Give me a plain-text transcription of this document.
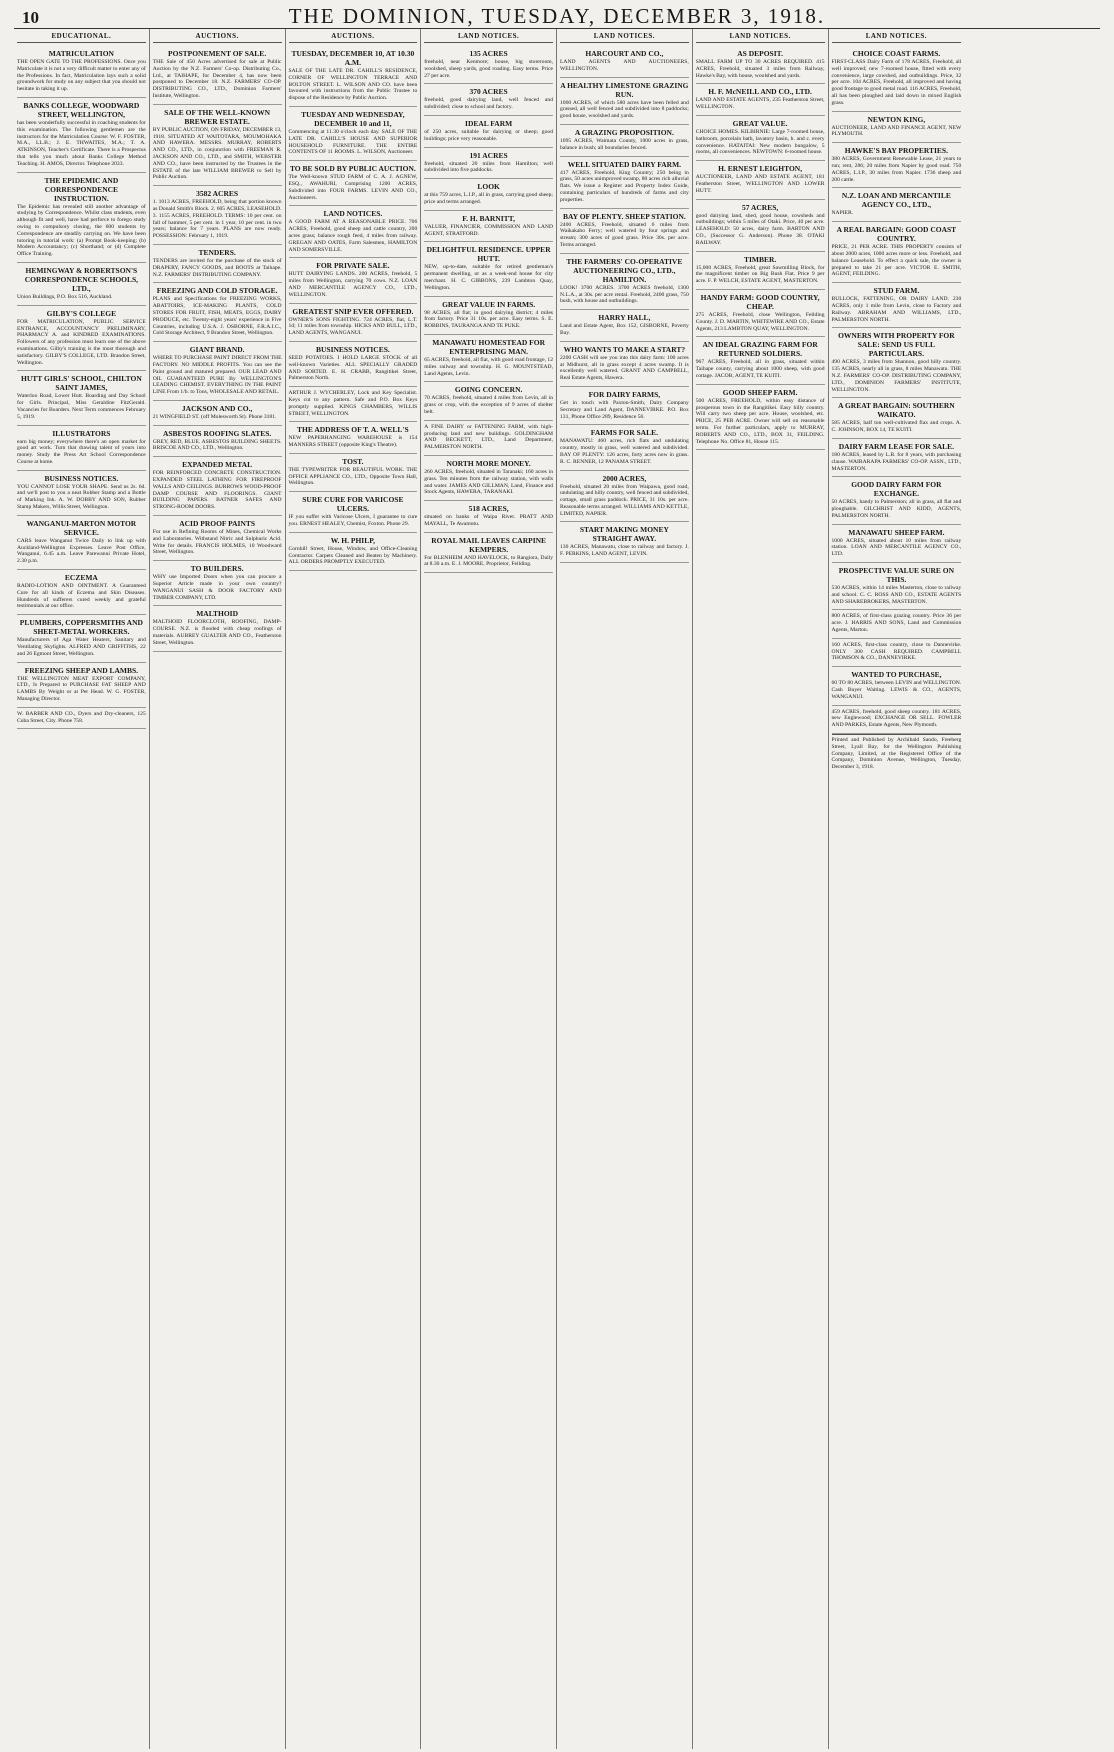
10	THE DOMINION, TUESDAY, DECEMBER 3, 1918.
EDUCATIONAL.
MATRICULATION
THE OPEN GATE TO THE PROFESSIONS. Once you Matriculate it is not a very difficult matter to enter any of the Professions. In fact, Matriculation lays such a solid groundwork for study on any subject that you should not hesitate in taking it up.
BANKS COLLEGE, WOODWARD STREET, WELLINGTON,
has been wonderfully successful in coaching students for this examination. The following gentlemen are the instructors for the Matriculation Course: W. F. FOSTER, M.A., LL.B.; J. E. THWAITES, M.A.; T. A. ATKINSON, Teacher's Certificate. There is a Prospectus that tells you much about Banks College Method Teaching. H. AMOS, Director. Telephone 2033.
THE EPIDEMIC AND CORRESPONDENCE INSTRUCTION.
The Epidemic has revealed still another advantage of studying by Correspondence. Whilst class students, even although fit and well, have had perforce to forego study owing to compulsory closing, the 600 students by Correspondence are steadily carrying on. We have been tutoring in tutorial work: (a) Prompt Book-keeping; (b) Modern Accountancy; (c) Shorthand; or (d) Complete Office Training.
HEMINGWAY & ROBERTSON'S CORRESPONDENCE SCHOOLS, LTD.,
Union Buildings, P.O. Box 516, Auckland.
GILBY'S COLLEGE
FOR MATRICULATION, PUBLIC SERVICE ENTRANCE, ACCOUNTANCY PRELIMINARY, PHARMACY A. and KINDRED EXAMINATIONS. Followers of any profession must learn one of the above examinations. Gilby's training is the most thorough and satisfactory. GILBY'S COLLEGE, LTD. Brandon Street, Wellington.
HUTT GIRLS' SCHOOL, CHILTON SAINT JAMES,
Waterloo Road, Lower Hutt. Boarding and Day School for Girls. Principal, Miss Geraldine FitzGerald. Vacancies for Boarders. Next Term commences February 5, 1919.
ILLUSTRATORS
earn big money; everywhere there's an open market for good art work. Turn that drawing talent of yours into money. Study the Press Art School Correspondence Course at home.
BUSINESS NOTICES.
YOU CANNOT LOSE YOUR SHAPE. Send us 2s. 6d. and we'll post to you a neat Rubber Stamp and a Bottle of Marking Ink. A. W. DOBBY AND SON, Rubber Stamp Makers, Willis Street, Wellington.
WANGANUI-MARTON MOTOR SERVICE.
CARS leave Wanganui Twice Daily to link up with Auckland-Wellington Expresses. Leave Post Office, Wanganui, 6.45 a.m. Leave Parewanui Private Hotel, 2.30 p.m.
ECZEMA
RADIO-LOTION AND OINTMENT. A Guaranteed Cure for all kinds of Eczema and Skin Diseases. Hundreds of sufferers cured weekly and grateful testimonials at our office.
PLUMBERS, COPPERSMITHS AND SHEET-METAL WORKERS.
Manufacturers of Aga Water Heaters, Sanitary and Ventilating Skylights. ALFRED AND GRIFFITHS, 22 and 26 Egmont Street, Wellington.
FREEZING SHEEP AND LAMBS.
THE WELLINGTON MEAT EXPORT COMPANY, LTD., Is Prepared to PURCHASE FAT SHEEP AND LAMBS By Weight or at Per Head. W. G. FOSTER, Managing Director.
W. BARBER AND CO., Dyers and Dry-cleaners, 125 Cuba Street, City. Phone 758.
AUCTIONS.
POSTPONEMENT OF SALE.
THE Sale of 450 Acres advertised for sale at Public Auction by the N.Z. Farmers' Co-op. Distributing Co., Ltd., at TAIHAPE, for December 4, has now been postponed to December 18. N.Z. FARMERS' CO-OP. DISTRIBUTING CO., LTD., Dominion Farmers' Institute, Wellington.
SALE OF THE WELL-KNOWN BREWER ESTATE.
BY PUBLIC AUCTION, ON FRIDAY, DECEMBER 13, 1918. SITUATED AT WAITOTARA, MOUMOHAKA AND HAWERA. MESSRS. MURRAY, ROBERTS AND CO., LTD., in conjunction with FREEMAN R. JACKSON AND CO., LTD., and SMITH, WEBSTER AND CO., have been instructed by the Trustees in the ESTATE of the late WILLIAM BREWER to Sell by Public Auction.
3582 ACRES
1. 1013 ACRES, FREEHOLD, being that portion known as Donald Smith's Block. 2. 605 ACRES, LEASEHOLD. 3. 1155 ACRES, FREEHOLD. TERMS: 10 per cent. on fall of hammer, 5 per cent. in 1 year, 10 per cent. in two years; balance for 7 years. PLANS are now ready. POSSESSION: February 1, 1919.
TENDERS.
TENDERS are invited for the purchase of the stock of DRAPERY, FANCY GOODS, and BOOTS at Taihape. N.Z. FARMERS' DISTRIBUTING COMPANY.
FREEZING AND COLD STORAGE.
PLANS and Specifications for FREEZING WORKS, ABATTOIRS, ICE-MAKING PLANTS, COLD STORES FOR FRUIT, FISH, MEATS, EGGS, DAIRY PRODUCE, etc. Twenty-eight years' experience in Five Countries, including U.S.A. J. OSBORNE, F.R.A.I.C., Cold Storage Architect, 9 Brandon Street, Wellington.
GIANT BRAND.
WHERE TO PURCHASE PAINT DIRECT FROM THE FACTORY. NO MIDDLE PROFITS. You can see the Paint ground and matured prepared. OUR LEAD AND OIL GUARANTEED PURE By WELLINGTON'S LEADING CHEMIST. EVERYTHING IN THE PAINT LINE From 1/b. to Tons, WHOLESALE AND RETAIL.
JACKSON AND CO.,
21 WINGFIELD ST. (off Molesworth St). Phone 3181.
ASBESTOS ROOFING SLATES.
GREY, RED, BLUE. ASBESTOS BUILDING SHEETS. BRISCOE AND CO., LTD., Wellington.
EXPANDED METAL
FOR REINFORCED CONCRETE CONSTRUCTION. EXPANDED STEEL LATHING FOR FIREPROOF WALLS AND CEILINGS. BURROWS WOOD-PROOF DAMP COURSE AND FLOORINGS. GIANT BUILDING PAPERS. BATNER SAFES AND STRONG-ROOM DOORS.
ACID PROOF PAINTS
For use in Refining Rooms of Mines, Chemical Works and Laboratories. Withstand Nitric and Sulphuric Acid. Write for details. FRANCIS HOLMES, 10 Woodward Street, Wellington.
TO BUILDERS.
WHY use Imported Doors when you can procure a Superior Article made in your own country? WANGANUI SASH & DOOR FACTORY AND TIMBER COMPANY, LTD.
MALTHOID
MALTHOID FLOORCLOTH, ROOFING, DAMP-COURSE. N.Z. is flooded with cheap roofings of materials. AUBREY GUALTER AND CO., Featherston Street, Wellington.
AUCTIONS.
TUESDAY, DECEMBER 10, AT 10.30 A.M.
SALE OF THE LATE DR. CAHILL'S RESIDENCE, CORNER OF WELLINGTON TERRACE AND BOLTON STREET. L. WILSON AND CO. have been favoured with instructions from the Public Trustee to dispose of the Residence by Public Auction.
TUESDAY AND WEDNESDAY, DECEMBER 10 and 11,
Commencing at 11.30 o'clock each day. SALE OF THE LATE DR. CAHILL'S HOUSE AND SUPERIOR HOUSEHOLD FURNITURE. THE ENTIRE CONTENTS OF 11 ROOMS. L. WILSON, Auctioneer.
TO BE SOLD BY PUBLIC AUCTION.
The Well-known STUD FARM of C. A. J. AGNEW, ESQ., AWAHURI, Comprising 1200 ACRES, Subdivided into FOUR FARMS. LEVIN AND CO., Auctioneers.
LAND NOTICES.
A GOOD FARM AT A REASONABLE PRICE. 706 ACRES, Freehold, good sheep and cattle country, 200 acres grass; balance rough feed, 4 miles from railway. GREGAN AND OATES, Farm Salesmen, HAMILTON AND SOMERSVILLE.
FOR PRIVATE SALE.
HUTT DAIRYING LANDS. 200 ACRES, freehold, 5 miles from Wellington, carrying 70 cows. N.Z. LOAN AND MERCANTILE AGENCY CO., LTD., WELLINGTON.
GREATEST SNIP EVER OFFERED.
OWNER'S SONS FIGHTING. 724 ACRES, flat, L.T. 1d; 11 miles from township. HICKS AND BULL, LTD., LAND AGENTS, WANGANUI.
BUSINESS NOTICES.
SEED POTATOES. I HOLD LARGE STOCK of all well-known Varieties. ALL SPECIALLY GRADED AND SORTED. E. H. CRABB, Rangitikei Street, Palmerston North.
ARTHUR J. WYCHERLEY, Lock and Key Specialist. Keys cut to any pattern. Safe and P.O. Box Keys promptly supplied. KINGS CHAMBERS, WILLIS STREET, WELLINGTON.
THE ADDRESS OF T. A. WELL'S
NEW PAPERHANGING WAREHOUSE is 154 MANNERS STREET (opposite King's Theatre).
TOST.
THE TYPEWRITER FOR BEAUTIFUL WORK. THE OFFICE APPLIANCE CO., LTD., Opposite Town Hall, Wellington.
SURE CURE FOR VARICOSE ULCERS.
IF you suffer with Varicose Ulcers, I guarantee to cure you. ERNEST HEALEY, Chemist, Foxton. Phone 29.
W. H. PHILP,
Cornhill Street, House, Window, and Office-Cleaning Contractor. Carpets Cleaned and Beaten by Machinery. ALL ORDERS PROMPTLY EXECUTED.
LAND NOTICES.
135 ACRES
freehold, near Kenmore; house, big storeroom, woolshed, sheep yards, good roading. Easy terms. Price 27 per acre.
370 ACRES
freehold, good dairying land, well fenced and subdivided; close to school and factory.
IDEAL FARM
of 250 acres, suitable for dairying or sheep; good buildings; price very reasonable.
191 ACRES
freehold, situated 20 miles from Hamilton; well subdivided into five paddocks.
LOOK
at this 759 acres, L.I.P., all in grass, carrying good sheep; price and terms arranged.
F. H. BARNITT,
VALUER, FINANCIER, COMMISSION AND LAND AGENT, STRATFORD.
DELIGHTFUL RESIDENCE. UPPER HUTT.
NEW, up-to-date, suitable for retired gentleman's permanent dwelling, or as a week-end house for city merchant. H. C. GIBBONS, 239 Lambton Quay, Wellington.
GREAT VALUE IN FARMS.
98 ACRES, all flat; in good dairying district; 4 miles from factory. Price 31 10s. per acre. Easy terms. S. E. ROBBINS, TAURANGA AND TE PUKE.
MANAWATU HOMESTEAD FOR ENTERPRISING MAN.
65 ACRES, freehold, all flat, with good road frontage, 12 miles railway and township. H. G. MOUNTSTEAD, Land Agents, Levin.
GOING CONCERN.
70 ACRES, freehold, situated 4 miles from Levin, all in grass or crop, with the exception of 9 acres of shelter belt.
A FINE DAIRY or FATTENING FARM, with high-producing land and new buildings. GOLDINGHAM AND BECKETT, LTD., Land Department, PALMERSTON NORTH.
NORTH MORE MONEY.
260 ACRES, freehold, situated in Taranaki; 160 acres in grass. Ten minutes from the railway station, with walls and water. JAMES AND GILLMAN, Land, Finance and Stock Agents, HAWERA, TARANAKI.
518 ACRES,
situated on banks of Waipa River. PRATT AND MAYALL, Te Awamutu.
ROYAL MAIL LEAVES CARPINE KEMPERS.
For BLENHEIM AND HAVELOCK, to Rangiora, Daily at 8.30 a.m. E. J. MOORE, Proprietor, Feilding.
LAND NOTICES.
HARCOURT AND CO.,
LAND AGENTS AND AUCTIONEERS, WELLINGTON.
A HEALTHY LIMESTONE GRAZING RUN.
1060 ACRES, of which 580 acres have been felled and grassed, all well fenced and subdivided into 8 paddocks; good house, woolshed and yards.
A GRAZING PROPOSITION.
1095 ACRES, Waimata County, 1000 acres in grass, balance in bush; all boundaries fenced.
WELL SITUATED DAIRY FARM.
417 ACRES, Freehold, King Country; 250 being in grass, 50 acres unimproved swamp, 80 acres rich alluvial flats. We issue a Register and Property Index Guide, containing particulars of hundreds of farms and city properties.
BAY OF PLENTY. SHEEP STATION.
2400 ACRES, Freehold, situated 6 miles from Waikakaho Ferry; well watered by four springs and stream; 300 acres of good grass. Price 30s. per acre. Terms arranged.
THE FARMERS' CO-OPERATIVE AUCTIONEERING CO., LTD., HAMILTON.
LOOK! 3700 ACRES. 3700 ACRES freehold, 1300 N.L.A., at 30s. per acre rental. Freehold, 2400 grass, 750 bush, with house and outbuildings.
HARRY HALL,
Land and Estate Agent, Box 152, GISBORNE, Poverty Bay.
WHO WANTS TO MAKE A START?
2200 CASH will see you into this dairy farm: 100 acres at Midhurst, all in grass except 4 acres swamp. It is excellently well watered. GRANT AND CAMPBELL, Real Estate Agents, Hawera.
FOR DAIRY FARMS,
Get in touch with Paxton-Smith, Dairy Company Secretary and Land Agent, DANNEVIRKE. P.O. Box 131, Phone Office 289, Residence 56.
FARMS FOR SALE.
MANAWATU: 460 acres, rich flats and undulating country, mostly in grass, well watered and subdivided. BAY OF PLENTY: 126 acres, forty acres now in grass. R. C. RENNER, 12 PANAMA STREET.
2000 ACRES,
Freehold, situated 20 miles from Waipawa, good road, undulating and hilly country, well fenced and subdivided, cottage, small grass paddock. PRICE, 31 10s. per acre. Reasonable terms arranged. WILLIAMS AND KETTLE, LIMITED, NAPIER.
START MAKING MONEY STRAIGHT AWAY.
130 ACRES, Manawatu, close to railway and factory. J. F. PERKINS, LAND AGENT, LEVIN.
LAND NOTICES.
AS DEPOSIT.
SMALL FARM UP TO 30 ACRES REQUIRED. 415 ACRES, Freehold, situated 3 miles from Railway, Hawke's Bay, with house, woolshed and yards.
H. F. McNEILL AND CO., LTD.
LAND AND ESTATE AGENTS, 235 Featherston Street, WELLINGTON.
GREAT VALUE.
CHOICE HOMES. KILBIRNIE: Large 7-roomed house, bathroom, porcelain bath, lavatory basin, h. and c. every convenience. HATAITAI: New modern bungalow, 5 rooms, all conveniences. NEWTOWN: 6-roomed house.
H. ERNEST LEIGHTON,
AUCTIONEER, LAND AND ESTATE AGENT, 181 Featherston Street, WELLINGTON AND LOWER HUTT.
57 ACRES,
good dairying land, shed, good house, cowsheds and outbuildings; within 5 miles of Otaki. Price, 40 per acre. LEASEHOLD: 50 acres, dairy farm. BARTON AND CO., (Successor G. Anderson). Phone 38. OTAKI RAILWAY.
TIMBER.
15,000 ACRES, Freehold, great Sawmilling Block, for the magnificent timber on Big Bush Flat. Price 9 per acre. F. P. WELCH, ESTATE AGENT, MASTERTON.
HANDY FARM: GOOD COUNTRY, CHEAP.
275 ACRES, Freehold, close Wellington, Feilding County. J. D. MARTIN, WHITEWIRE AND CO., Estate Agents, 213 LAMBTON QUAY, WELLINGTON.
AN IDEAL GRAZING FARM FOR RETURNED SOLDIERS.
967 ACRES, Freehold, all in grass, situated within Taihape county, carrying about 1000 sheep, with good cottage. JACOB, AGENT, TE KUITI.
GOOD SHEEP FARM.
500 ACRES, FREEHOLD, within easy distance of prosperous town in the Rangitikei. Easy hilly country. Will carry two sheep per acre. House, woolshed, etc. PRICE, 25 PER ACRE. Owner will sell on reasonable terms. For further particulars, apply to MURRAY, ROBERTS AND CO., LTD., BOX 31, FEILDING. Telephone No. Office 81, House 115.
LAND NOTICES.
CHOICE COAST FARMS.
FIRST-CLASS Dairy Farm of 178 ACRES, Freehold, all well improved; new 7-roomed house, fitted with every convenience, large cowshed, and outbuildings. Price, 32 per acre. 104 ACRES, Freehold, all improved and having good frontage to good metal road. 116 ACRES, Freehold, all has been ploughed and laid down in mixed English grass.
NEWTON KING,
AUCTIONEER, LAND AND FINANCE AGENT, NEW PLYMOUTH.
HAWKE'S BAY PROPERTIES.
380 ACRES, Government Renewable Lease, 21 years to run; rent, 286; 20 miles from Napier by good road. 750 ACRES, L.I.P., 30 miles from Napier. 1736 sheep and 200 cattle.
N.Z. LOAN AND MERCANTILE AGENCY CO., LTD.,
NAPIER.
A REAL BARGAIN: GOOD COAST COUNTRY.
PRICE, 21 PER ACRE. THIS PROPERTY consists of about 2000 acres, 1000 acres more or less. Freehold, and balance Leasehold. To effect a quick sale, the owner is prepared to take 21 per acre. VICTOR E. SMITH, AGENT, FEILDING.
STUD FARM.
BULLOCK, FATTENING, OR DAIRY LAND. 230 ACRES, only 1 mile from Levin, close to Factory and Railway. ABRAHAM AND WILLIAMS, LTD., PALMERSTON NORTH.
OWNERS WITH PROPERTY FOR SALE: SEND US FULL PARTICULARS.
490 ACRES, 3 miles from Shannon, good hilly country. 135 ACRES, nearly all in grass, 8 miles Manawatu. THE N.Z. FARMERS' CO-OP. DISTRIBUTING COMPANY, LTD., DOMINION FARMERS' INSTITUTE, WELLINGTON.
A GREAT BARGAIN: SOUTHERN WAIKATO.
585 ACRES, half ton well-cultivated flax and crops. A. C. JOHNSON, BOX 14, TE KUITI.
DAIRY FARM LEASE FOR SALE.
180 ACRES, leased by L.B. for 8 years, with purchasing clause. WAIRARAPA FARMERS' CO-OP. ASSN., LTD., MASTERTON.
GOOD DAIRY FARM FOR EXCHANGE.
50 ACRES, handy to Palmerston; all in grass, all flat and ploughable. GILCHRIST AND KIDD, AGENTS, PALMERSTON NORTH.
MANAWATU SHEEP FARM.
1000 ACRES, situated about 10 miles from railway station. LOAN AND MERCANTILE AGENCY CO., LTD.
PROSPECTIVE VALUE SURE ON THIS.
530 ACRES, within 14 miles Masterton, close to railway and school. C. C. ROSS AND CO., ESTATE AGENTS AND SHAREBROKERS, MASTERTON.
800 ACRES, of first-class grazing country. Price 36 per acre. J. HARRIS AND SONS, Land and Commission Agents, Marton.
160 ACRES, first-class country, close to Dannevirke. ONLY 300 CASH REQUIRED. CAMPBELL THOMSON & CO., DANNEVIRKE.
WANTED TO PURCHASE,
60 TO 80 ACRES, between LEVIN and WELLINGTON. Cash Buyer Waiting. LEWIS & CO., AGENTS, WANGANUI.
459 ACRES, freehold, good sheep country. 181 ACRES, new Englewood; EXCHANGE OR SELL. FOWLER AND PARKES, Estate Agents, New Plymouth.
Printed and Published by Archibald Sando, Freeberg Street, Lyall Bay, for the Wellington Publishing Company, Limited, at the Registered Office of the Company, Dominion Avenue, Wellington, Tuesday, December 3, 1918.
